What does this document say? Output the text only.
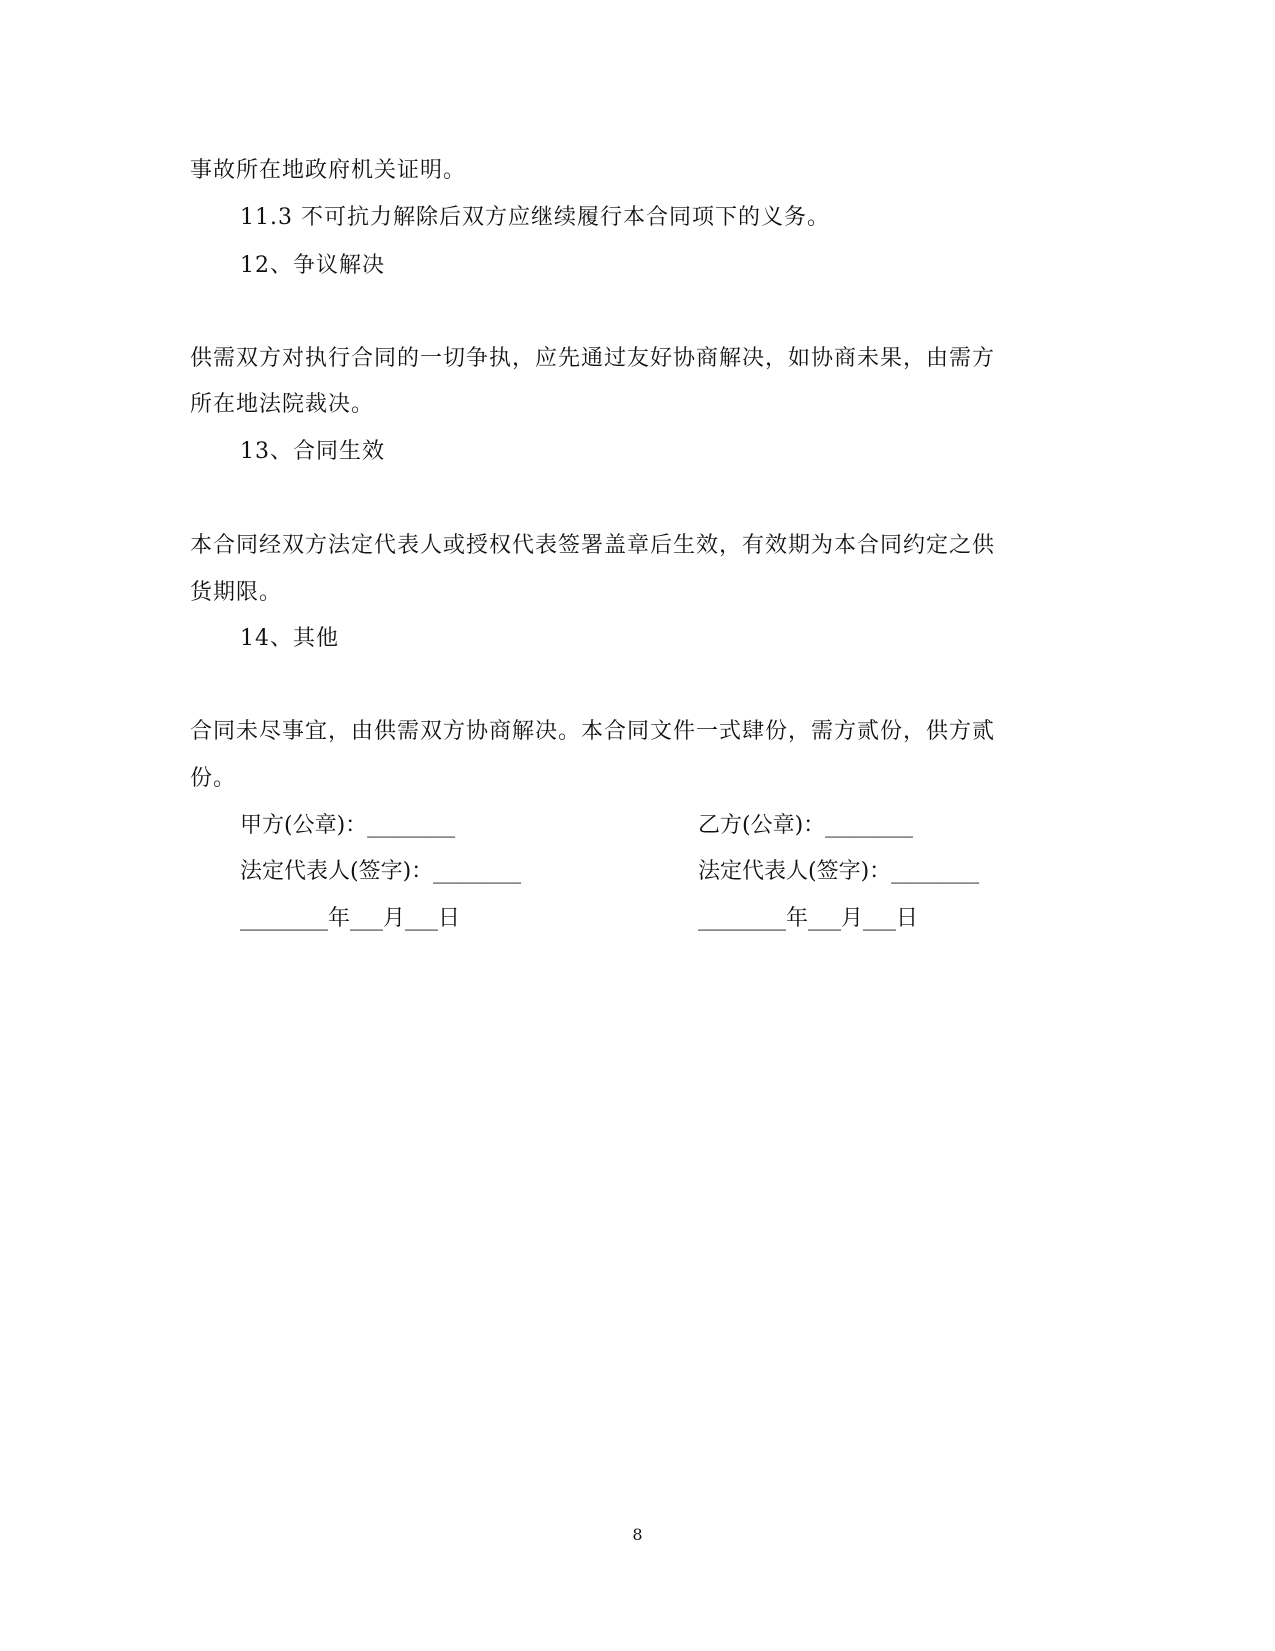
事故所在地政府机关证明。
11.3 不可抗力解除后双方应继续履行本合同项下的义务。
12、争议解决
供需双方对执行合同的一切争执，应先通过友好协商解决，如协商未果，由需方
所在地法院裁决。
13、合同生效
本合同经双方法定代表人或授权代表签署盖章后生效，有效期为本合同约定之供
货期限。
14、其他
合同未尽事宜，由供需双方协商解决。本合同文件一式肆份，需方贰份，供方贰
份。
甲方(公章)：________	乙方(公章)：________
法定代表人(签字)：________	法定代表人(签字)：________
________年___月___日	________年___月___日
8
